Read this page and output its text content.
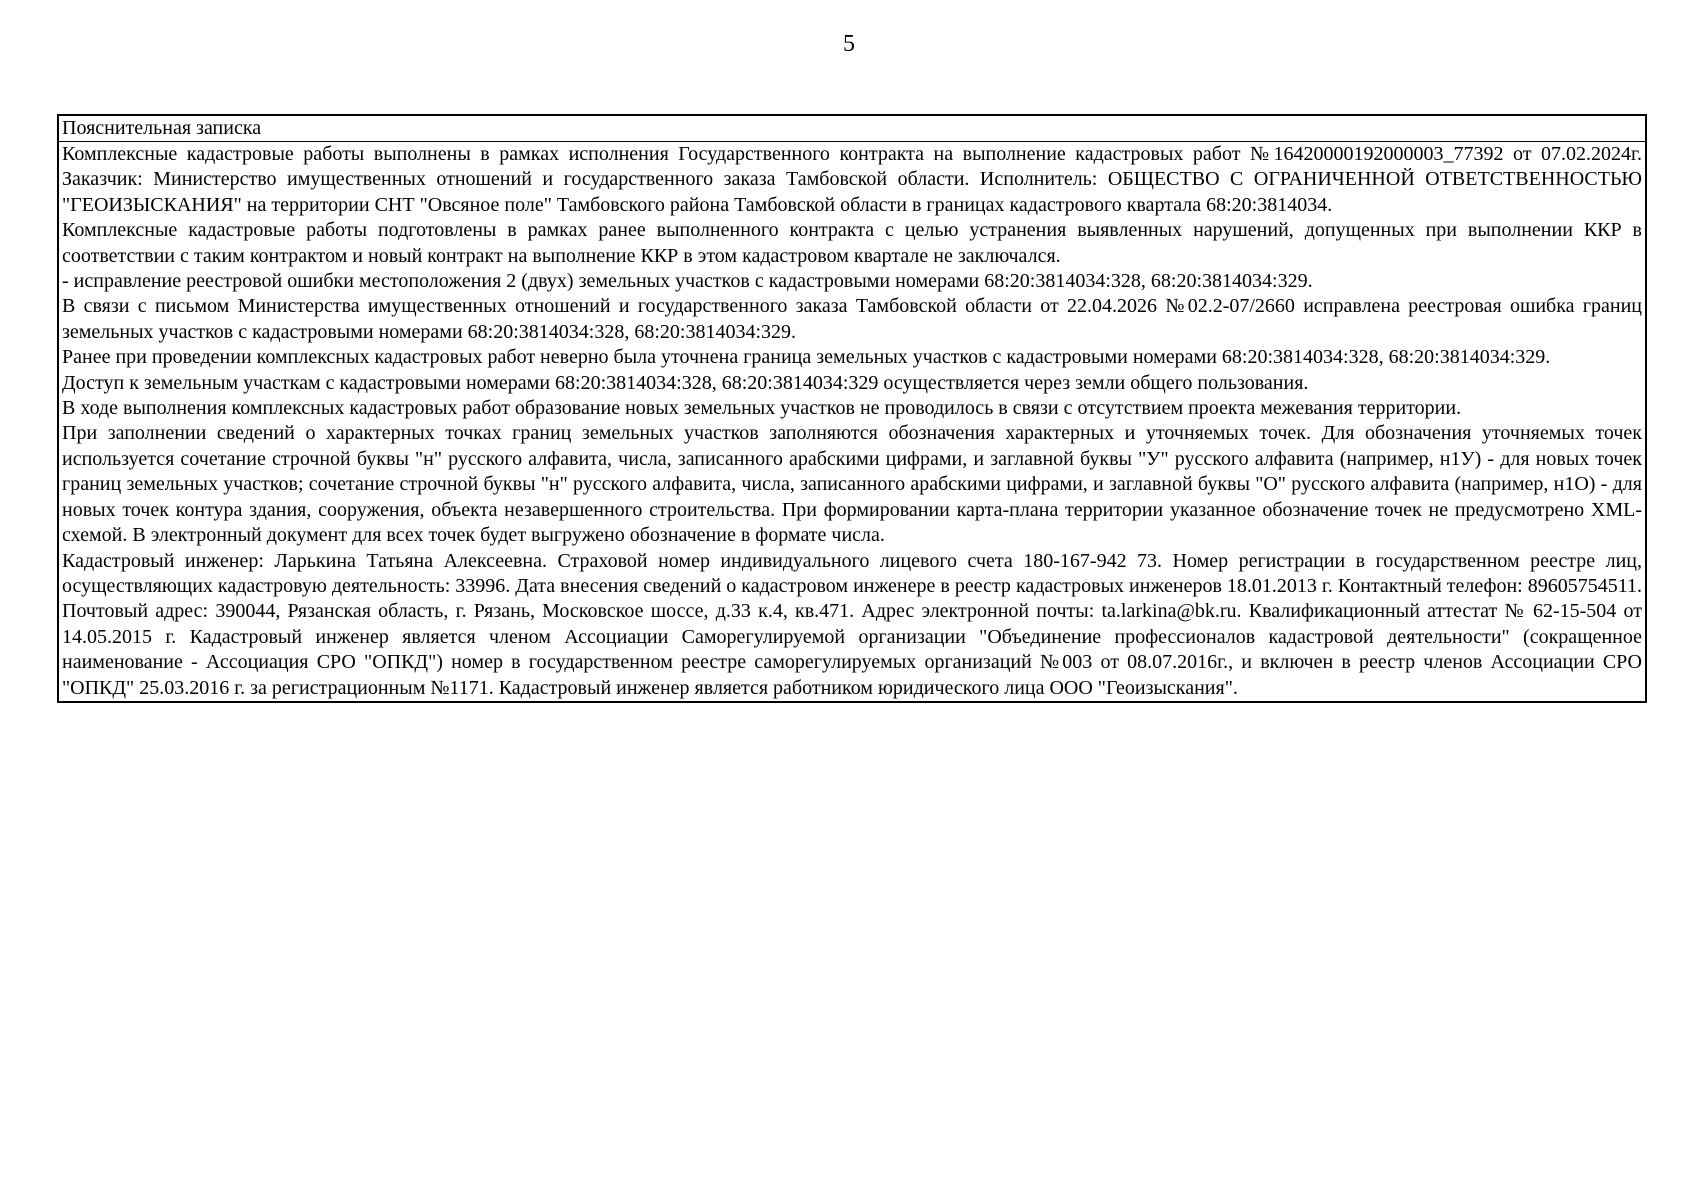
5
Пояснительная записка

Комплексные кадастровые работы выполнены в рамках исполнения Государственного контракта на выполнение кадастровых работ №16420000192000003_77392 от 07.02.2024г. Заказчик: Министерство имущественных отношений и государственного заказа Тамбовской области. Исполнитель: ОБЩЕСТВО С ОГРАНИЧЕННОЙ ОТВЕТСТВЕННОСТЬЮ "ГЕОИЗЫСКАНИЯ" на территории СНТ "Овсяное поле" Тамбовского района Тамбовской области в границах кадастрового квартала 68:20:3814034.

Комплексные кадастровые работы подготовлены в рамках ранее выполненного контракта с целью устранения выявленных нарушений, допущенных при выполнении ККР в соответствии с таким контрактом и новый контракт на выполнение ККР в этом кадастровом квартале не заключался.

- исправление реестровой ошибки местоположения 2 (двух) земельных участков с кадастровыми номерами 68:20:3814034:328, 68:20:3814034:329.

В связи с письмом Министерства имущественных отношений и государственного заказа Тамбовской области от 22.04.2026 №02.2-07/2660 исправлена реестровая ошибка границ земельных участков с кадастровыми номерами 68:20:3814034:328, 68:20:3814034:329.

Ранее при проведении комплексных кадастровых работ неверно была уточнена граница земельных участков с кадастровыми номерами 68:20:3814034:328, 68:20:3814034:329.

Доступ к земельным участкам с кадастровыми номерами 68:20:3814034:328, 68:20:3814034:329 осуществляется через земли общего пользования.

В ходе выполнения комплексных кадастровых работ образование новых земельных участков не проводилось в связи с отсутствием проекта межевания территории.

При заполнении сведений о характерных точках границ земельных участков заполняются обозначения характерных и уточняемых точек. Для обозначения уточняемых точек используется сочетание строчной буквы "н" русского алфавита, числа, записанного арабскими цифрами, и заглавной буквы "У" русского алфавита (например, н1У) - для новых точек границ земельных участков; сочетание строчной буквы "н" русского алфавита, числа, записанного арабскими цифрами, и заглавной буквы "О" русского алфавита (например, н1О) - для новых точек контура здания, сооружения, объекта незавершенного строительства. При формировании карта-плана территории указанное обозначение точек не предусмотрено XML-схемой. В электронный документ для всех точек будет выгружено обозначение в формате числа.

Кадастровый инженер: Ларькина Татьяна Алексеевна. Страховой номер индивидуального лицевого счета 180-167-942 73. Номер регистрации в государственном реестре лиц, осуществляющих кадастровую деятельность: 33996. Дата внесения сведений о кадастровом инженере в реестр кадастровых инженеров 18.01.2013 г. Контактный телефон: 89605754511. Почтовый адрес: 390044, Рязанская область, г. Рязань, Московское шоссе, д.33 к.4, кв.471. Адрес электронной почты: ta.larkina@bk.ru. Квалификационный аттестат № 62-15-504 от 14.05.2015 г. Кадастровый инженер является членом Ассоциации Саморегулируемой организации "Объединение профессионалов кадастровой деятельности" (сокращенное наименование - Ассоциация СРО "ОПКД") номер в государственном реестре саморегулируемых организаций №003 от 08.07.2016г., и включен в реестр членов Ассоциации СРО "ОПКД" 25.03.2016 г. за регистрационным №1171. Кадастровый инженер является работником юридического лица ООО "Геоизыскания".
